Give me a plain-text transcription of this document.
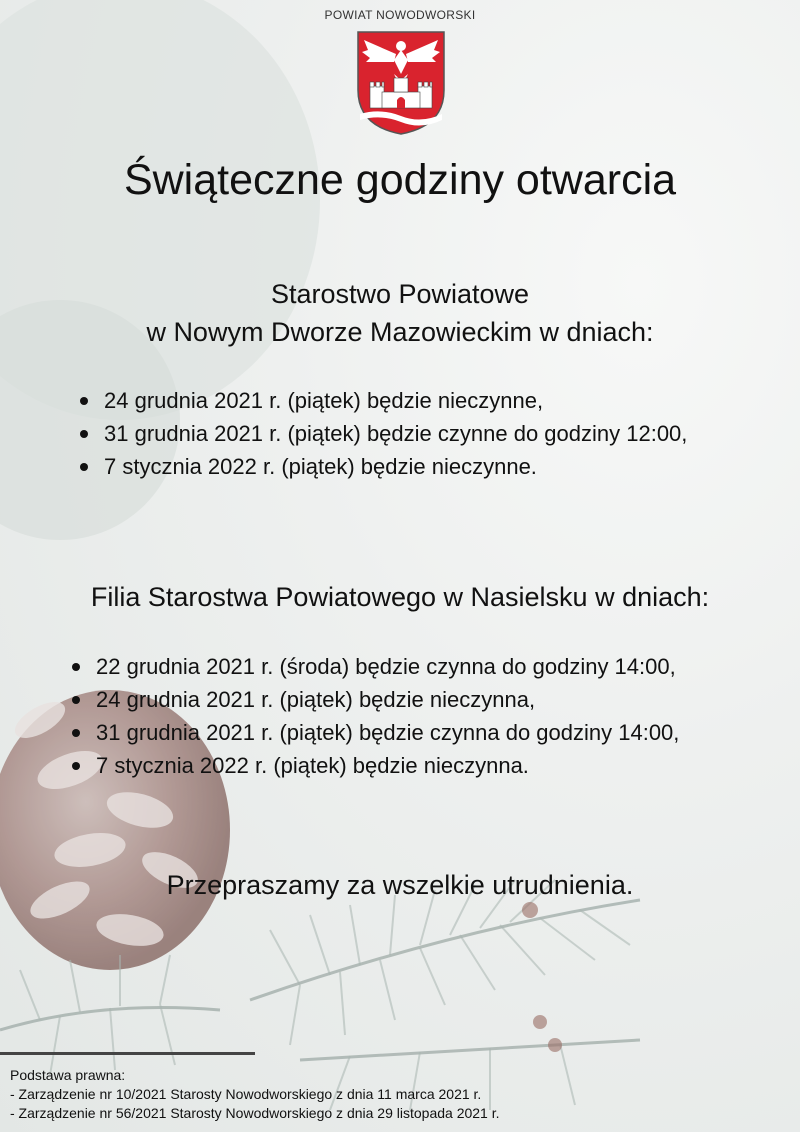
POWIAT NOWODWORSKI
Świąteczne godziny otwarcia
Starostwo Powiatowe
w Nowym Dworze Mazowieckim w dniach:
24 grudnia 2021 r. (piątek) będzie nieczynne,
31 grudnia 2021 r. (piątek) będzie czynne do godziny 12:00,
7 stycznia 2022 r. (piątek) będzie nieczynne.
Filia Starostwa Powiatowego w Nasielsku w dniach:
22 grudnia 2021 r. (środa) będzie czynna do godziny 14:00,
24 grudnia 2021 r. (piątek) będzie nieczynna,
31 grudnia 2021 r. (piątek) będzie czynna do godziny 14:00,
7 stycznia 2022 r. (piątek) będzie nieczynna.
Przepraszamy za wszelkie utrudnienia.
Podstawa prawna:
- Zarządzenie nr 10/2021 Starosty Nowodworskiego z dnia 11 marca 2021 r.
- Zarządzenie nr 56/2021 Starosty Nowodworskiego z dnia 29 listopada 2021 r.
